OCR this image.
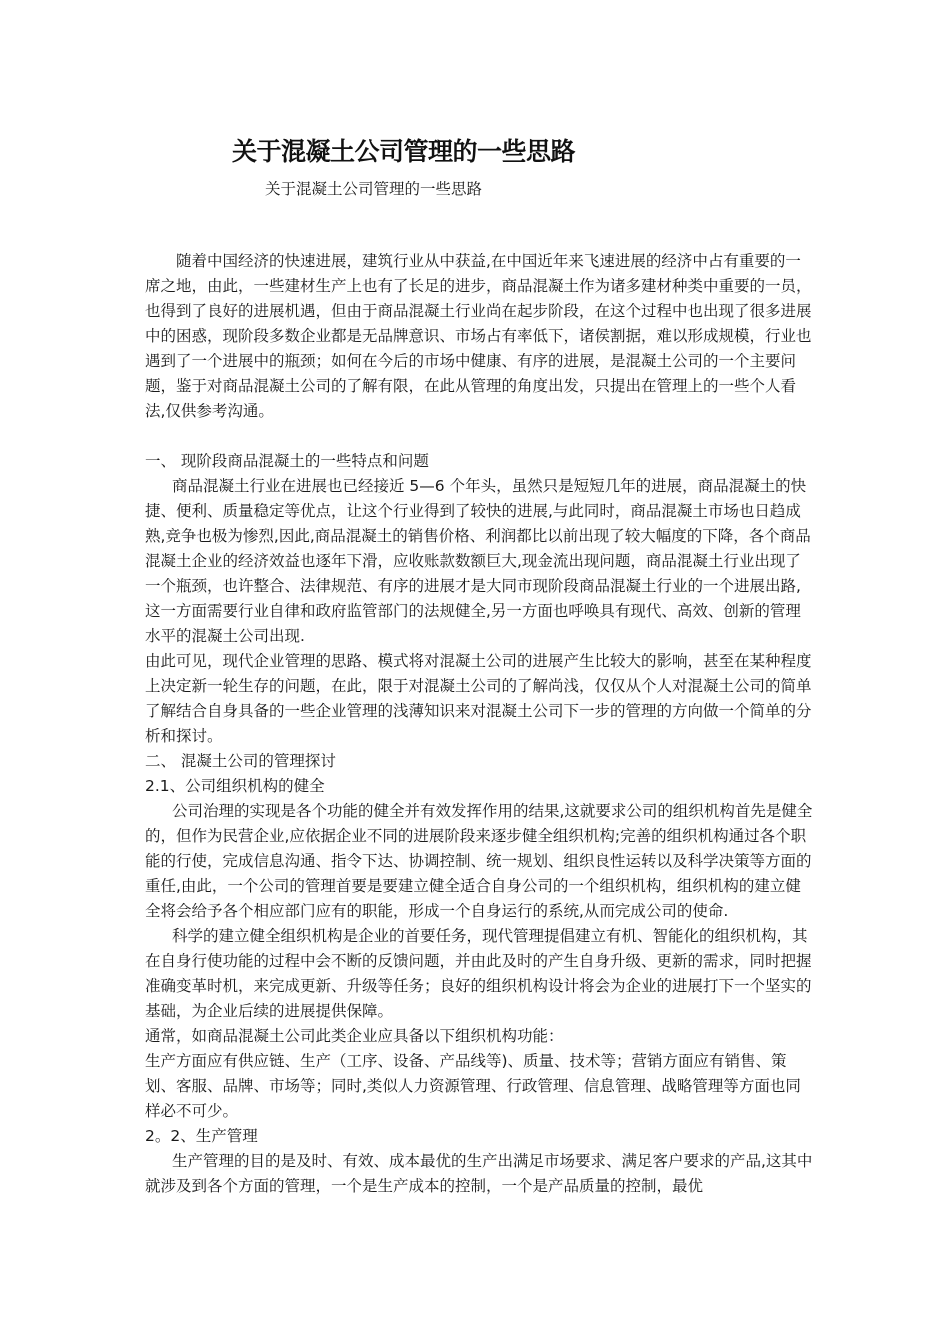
关于混凝土公司管理的一些思路
关于混凝土公司管理的一些思路

随着中国经济的快速进展，建筑行业从中获益,在中国近年来飞速进展的经济中占有重要的一席之地，由此，一些建材生产上也有了长足的进步，商品混凝土作为诸多建材种类中重要的一员，也得到了良好的进展机遇，但由于商品混凝土行业尚在起步阶段，在这个过程中也出现了很多进展中的困惑，现阶段多数企业都是无品牌意识、市场占有率低下，诸侯割据，难以形成规模，行业也遇到了一个进展中的瓶颈；如何在今后的市场中健康、有序的进展，是混凝土公司的一个主要问题，鉴于对商品混凝土公司的了解有限，在此从管理的角度出发，只提出在管理上的一些个人看法,仅供参考沟通。

一、 现阶段商品混凝土的一些特点和问题

商品混凝土行业在进展也已经接近 5—6 个年头，虽然只是短短几年的进展，商品混凝土的快捷、便利、质量稳定等优点，让这个行业得到了较快的进展,与此同时，商品混凝土市场也日趋成熟,竞争也极为惨烈,因此,商品混凝土的销售价格、利润都比以前出现了较大幅度的下降，各个商品混凝土企业的经济效益也逐年下滑，应收账款数额巨大,现金流出现问题，商品混凝土行业出现了一个瓶颈，也许整合、法律规范、有序的进展才是大同市现阶段商品混凝土行业的一个进展出路,这一方面需要行业自律和政府监管部门的法规健全,另一方面也呼唤具有现代、高效、创新的管理水平的混凝土公司出现.

由此可见，现代企业管理的思路、模式将对混凝土公司的进展产生比较大的影响，甚至在某种程度上决定新一轮生存的问题，在此，限于对混凝土公司的了解尚浅，仅仅从个人对混凝土公司的简单了解结合自身具备的一些企业管理的浅薄知识来对混凝土公司下一步的管理的方向做一个简单的分析和探讨。

二、 混凝土公司的管理探讨

2.1、公司组织机构的健全

公司治理的实现是各个功能的健全并有效发挥作用的结果,这就要求公司的组织机构首先是健全的，但作为民营企业,应依据企业不同的进展阶段来逐步健全组织机构;完善的组织机构通过各个职能的行使，完成信息沟通、指令下达、协调控制、统一规划、组织良性运转以及科学决策等方面的重任,由此，一个公司的管理首要是要建立健全适合自身公司的一个组织机构，组织机构的建立健全将会给予各个相应部门应有的职能，形成一个自身运行的系统,从而完成公司的使命.

科学的建立健全组织机构是企业的首要任务，现代管理提倡建立有机、智能化的组织机构，其在自身行使功能的过程中会不断的反馈问题，并由此及时的产生自身升级、更新的需求，同时把握准确变革时机，来完成更新、升级等任务；良好的组织机构设计将会为企业的进展打下一个坚实的基础，为企业后续的进展提供保障。

通常，如商品混凝土公司此类企业应具备以下组织机构功能：

生产方面应有供应链、生产（工序、设备、产品线等)、质量、技术等；营销方面应有销售、策划、客服、品牌、市场等；同时,类似人力资源管理、行政管理、信息管理、战略管理等方面也同样必不可少。

2。2、生产管理

生产管理的目的是及时、有效、成本最优的生产出满足市场要求、满足客户要求的产品,这其中就涉及到各个方面的管理，一个是生产成本的控制，一个是产品质量的控制，最优
